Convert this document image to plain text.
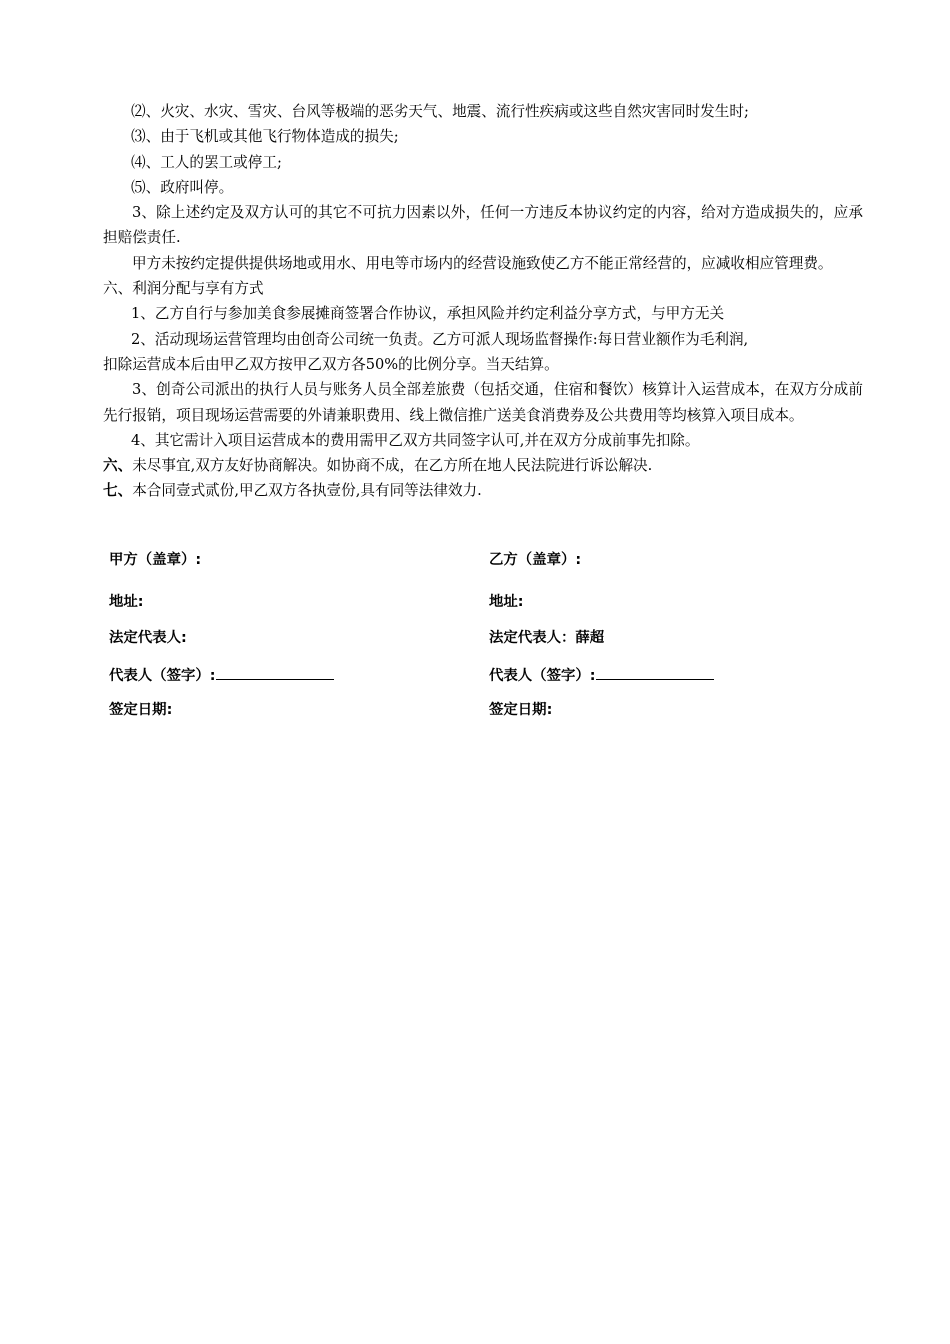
⑵、火灾、水灾、雪灾、台风等极端的恶劣天气、地震、流行性疾病或这些自然灾害同时发生时;

⑶、由于飞机或其他飞行物体造成的损失;

⑷、工人的罢工或停工;

⑸、政府叫停。

3、除上述约定及双方认可的其它不可抗力因素以外，任何一方违反本协议约定的内容，给对方造成损失的，应承担赔偿责任.

甲方未按约定提供提供场地或用水、用电等市场内的经营设施致使乙方不能正常经营的，应减收相应管理费。

六、利润分配与享有方式

1、乙方自行与参加美食参展摊商签署合作协议，承担风险并约定利益分享方式，与甲方无关

2、活动现场运营管理均由创奇公司统一负责。乙方可派人现场监督操作:每日营业额作为毛利润,

扣除运营成本后由甲乙双方按甲乙双方各50%的比例分享。当天结算。

3、创奇公司派出的执行人员与账务人员全部差旅费（包括交通，住宿和餐饮）核算计入运营成本，在双方分成前先行报销，项目现场运营需要的外请兼职费用、线上微信推广送美食消费券及公共费用等均核算入项目成本。

4、其它需计入项目运营成本的费用需甲乙双方共同签字认可,并在双方分成前事先扣除。

六、未尽事宜,双方友好协商解决。如协商不成，在乙方所在地人民法院进行诉讼解决.

七、本合同壹式贰份,甲乙双方各执壹份,具有同等法律效力.

甲方（盖章）:
地址:
法定代表人:
代表人（签字）:
签定日期:
乙方（盖章）:
地址:
法定代表人：薛超
代表人（签字）:
签定日期:
